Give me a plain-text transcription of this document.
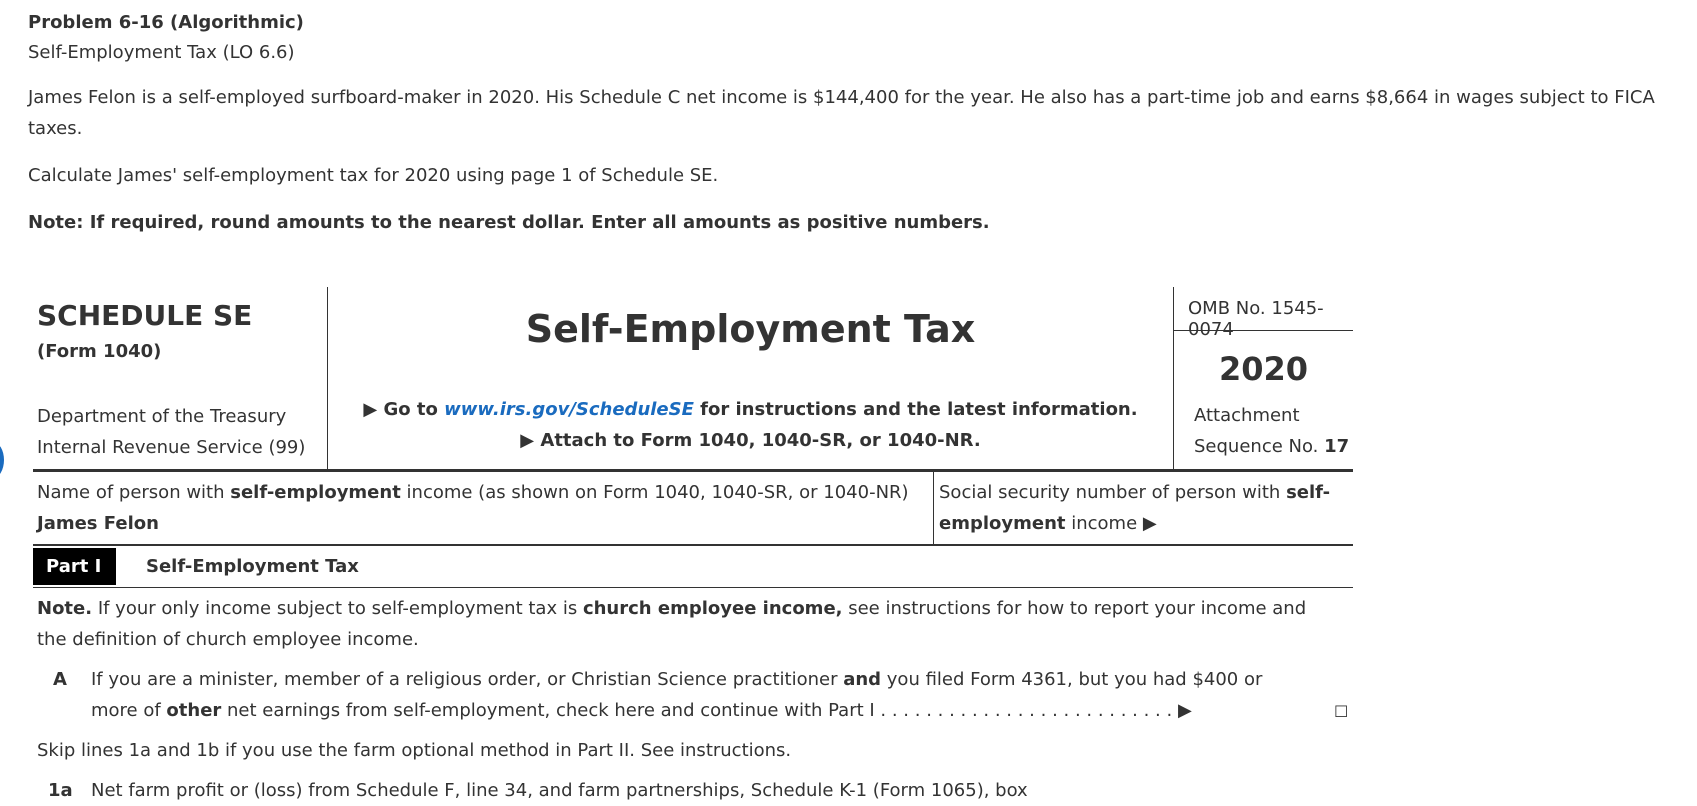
Problem 6-16 (Algorithmic)
Self-Employment Tax (LO 6.6)
James Felon is a self-employed surfboard-maker in 2020. His Schedule C net income is $144,400 for the year. He also has a part-time job and earns $8,664 in wages subject to FICA taxes.
Calculate James' self-employment tax for 2020 using page 1 of Schedule SE.
Note: If required, round amounts to the nearest dollar. Enter all amounts as positive numbers.
SCHEDULE SE
(Form 1040)
Department of the Treasury
Internal Revenue Service (99)
Self-Employment Tax
▶ Go to www.irs.gov/ScheduleSE for instructions and the latest information.
▶ Attach to Form 1040, 1040-SR, or 1040-NR.
OMB No. 1545-0074
2020
Attachment
Sequence No. 17
Name of person with self-employment income (as shown on Form 1040, 1040-SR, or 1040-NR)
James Felon
Social security number of person with self-employment income ▶
Part I	Self-Employment Tax
Note. If your only income subject to self-employment tax is church employee income, see instructions for how to report your income and the definition of church employee income.
A If you are a minister, member of a religious order, or Christian Science practitioner and you filed Form 4361, but you had $400 or more of other net earnings from self-employment, check here and continue with Part I . . . . . . . . . . . . . . . . . . . . . . . . . . ▶	☐
Skip lines 1a and 1b if you use the farm optional method in Part II. See instructions.
1a Net farm profit or (loss) from Schedule F, line 34, and farm partnerships, Schedule K-1 (Form 1065), box
